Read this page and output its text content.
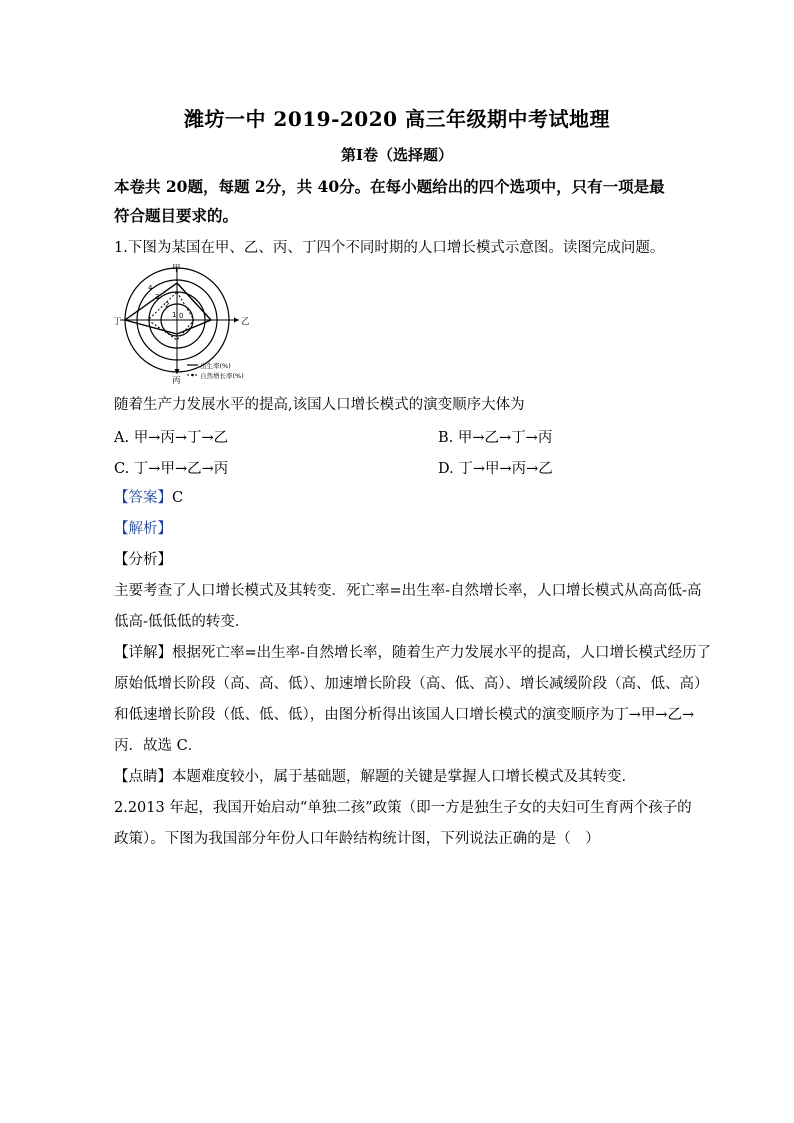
潍坊一中 2019-2020 高三年级期中考试地理
第Ⅰ卷（选择题）
本卷共 20题，每题 2分，共 40分。在每小题给出的四个选项中，只有一项是最
符合题目要求的。
1.下图为某国在甲、乙、丙、丁四个不同时期的人口增长模式示意图。读图完成问题。
甲
乙
丙
丁
4
3
2
1 0
出生率(%)
自然增长率(%)
随着生产力发展水平的提高,该国人口增长模式的演变顺序大体为
A. 甲→丙→丁→乙	B. 甲→乙→丁→丙
C. 丁→甲→乙→丙	D. 丁→甲→丙→乙
【答案】C
【解析】
【分析】
主要考查了人口增长模式及其转变．死亡率=出生率-自然增长率，人口增长模式从高高低-高
低高-低低低的转变．
【详解】根据死亡率=出生率-自然增长率，随着生产力发展水平的提高，人口增长模式经历了
原始低增长阶段（高、高、低）、加速增长阶段（高、低、高）、增长减缓阶段（高、低、高）
和低速增长阶段（低、低、低），由图分析得出该国人口增长模式的演变顺序为丁→甲→乙→
丙．故选 C．
【点睛】本题难度较小，属于基础题，解题的关键是掌握人口增长模式及其转变．
2.2013 年起，我国开始启动“单独二孩”政策（即一方是独生子女的夫妇可生育两个孩子的
政策）。下图为我国部分年份人口年龄结构统计图，下列说法正确的是（　）
